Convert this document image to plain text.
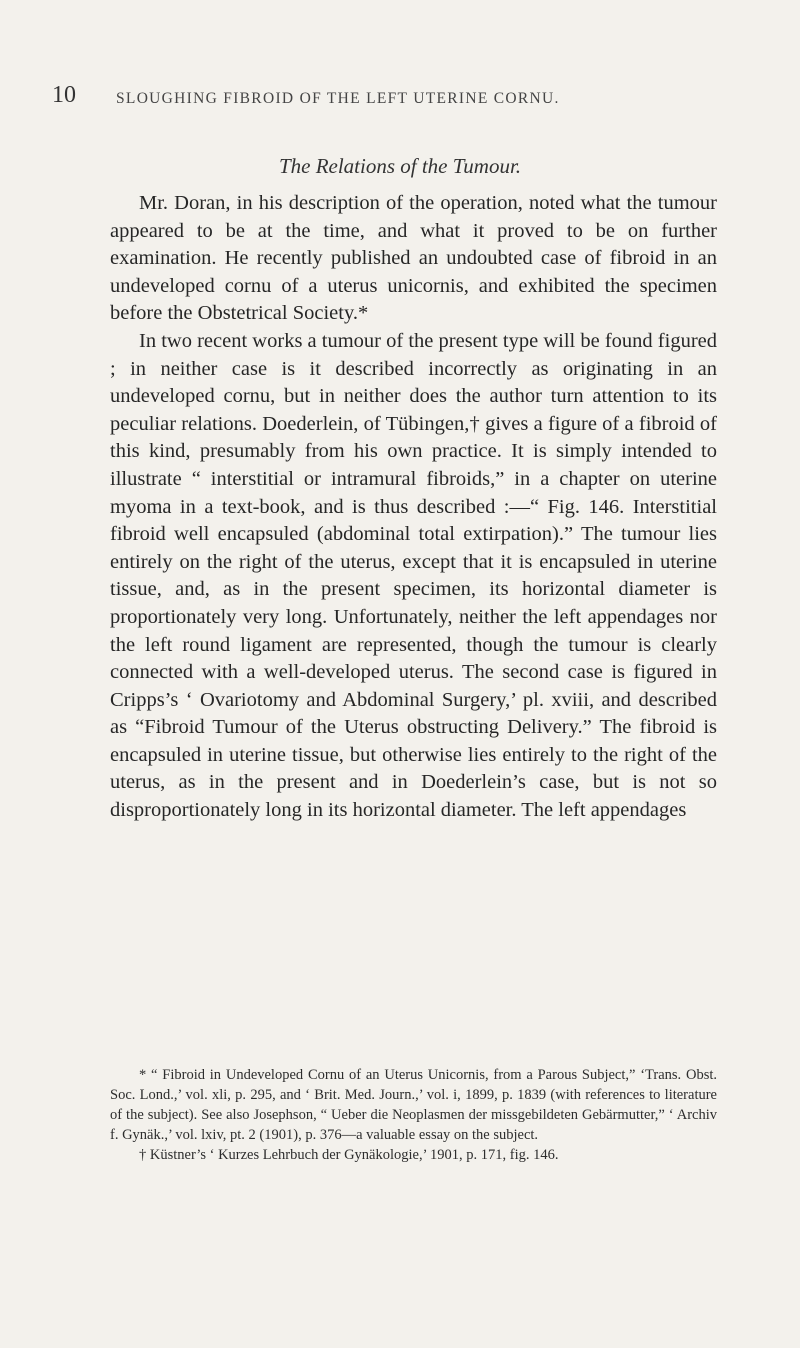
10	SLOUGHING FIBROID OF THE LEFT UTERINE CORNU.
The Relations of the Tumour.

Mr. Doran, in his description of the operation, noted what the tumour appeared to be at the time, and what it proved to be on further examination. He recently published an undoubted case of fibroid in an undeveloped cornu of a uterus unicornis, and exhibited the specimen before the Obstetrical Society.*

In two recent works a tumour of the present type will be found figured ; in neither case is it described incorrectly as originating in an undeveloped cornu, but in neither does the author turn attention to its peculiar relations. Doederlein, of Tübingen,† gives a figure of a fibroid of this kind, presumably from his own practice. It is simply intended to illustrate “ interstitial or intramural fibroids,” in a chapter on uterine myoma in a text-book, and is thus described :—“ Fig. 146. Interstitial fibroid well encapsuled (abdominal total extirpation).” The tumour lies entirely on the right of the uterus, except that it is encapsuled in uterine tissue, and, as in the present specimen, its horizontal diameter is proportionately very long. Unfortunately, neither the left appendages nor the left round ligament are represented, though the tumour is clearly connected with a well-developed uterus. The second case is figured in Cripps’s ‘ Ovariotomy and Abdominal Surgery,’ pl. xviii, and described as “Fibroid Tumour of the Uterus obstructing Delivery.” The fibroid is encapsuled in uterine tissue, but otherwise lies entirely to the right of the uterus, as in the present and in Doederlein’s case, but is not so disproportionately long in its horizontal diameter. The left appendages

* “ Fibroid in Undeveloped Cornu of an Uterus Unicornis, from a Parous Subject,” ‘Trans. Obst. Soc. Lond.,’ vol. xli, p. 295, and ‘ Brit. Med. Journ.,’ vol. i, 1899, p. 1839 (with references to literature of the subject). See also Josephson, “ Ueber die Neoplasmen der missgebildeten Gebärmutter,” ‘ Archiv f. Gynäk.,’ vol. lxiv, pt. 2 (1901), p. 376—a valuable essay on the subject.

† Küstner’s ‘ Kurzes Lehrbuch der Gynäkologie,’ 1901, p. 171, fig. 146.
